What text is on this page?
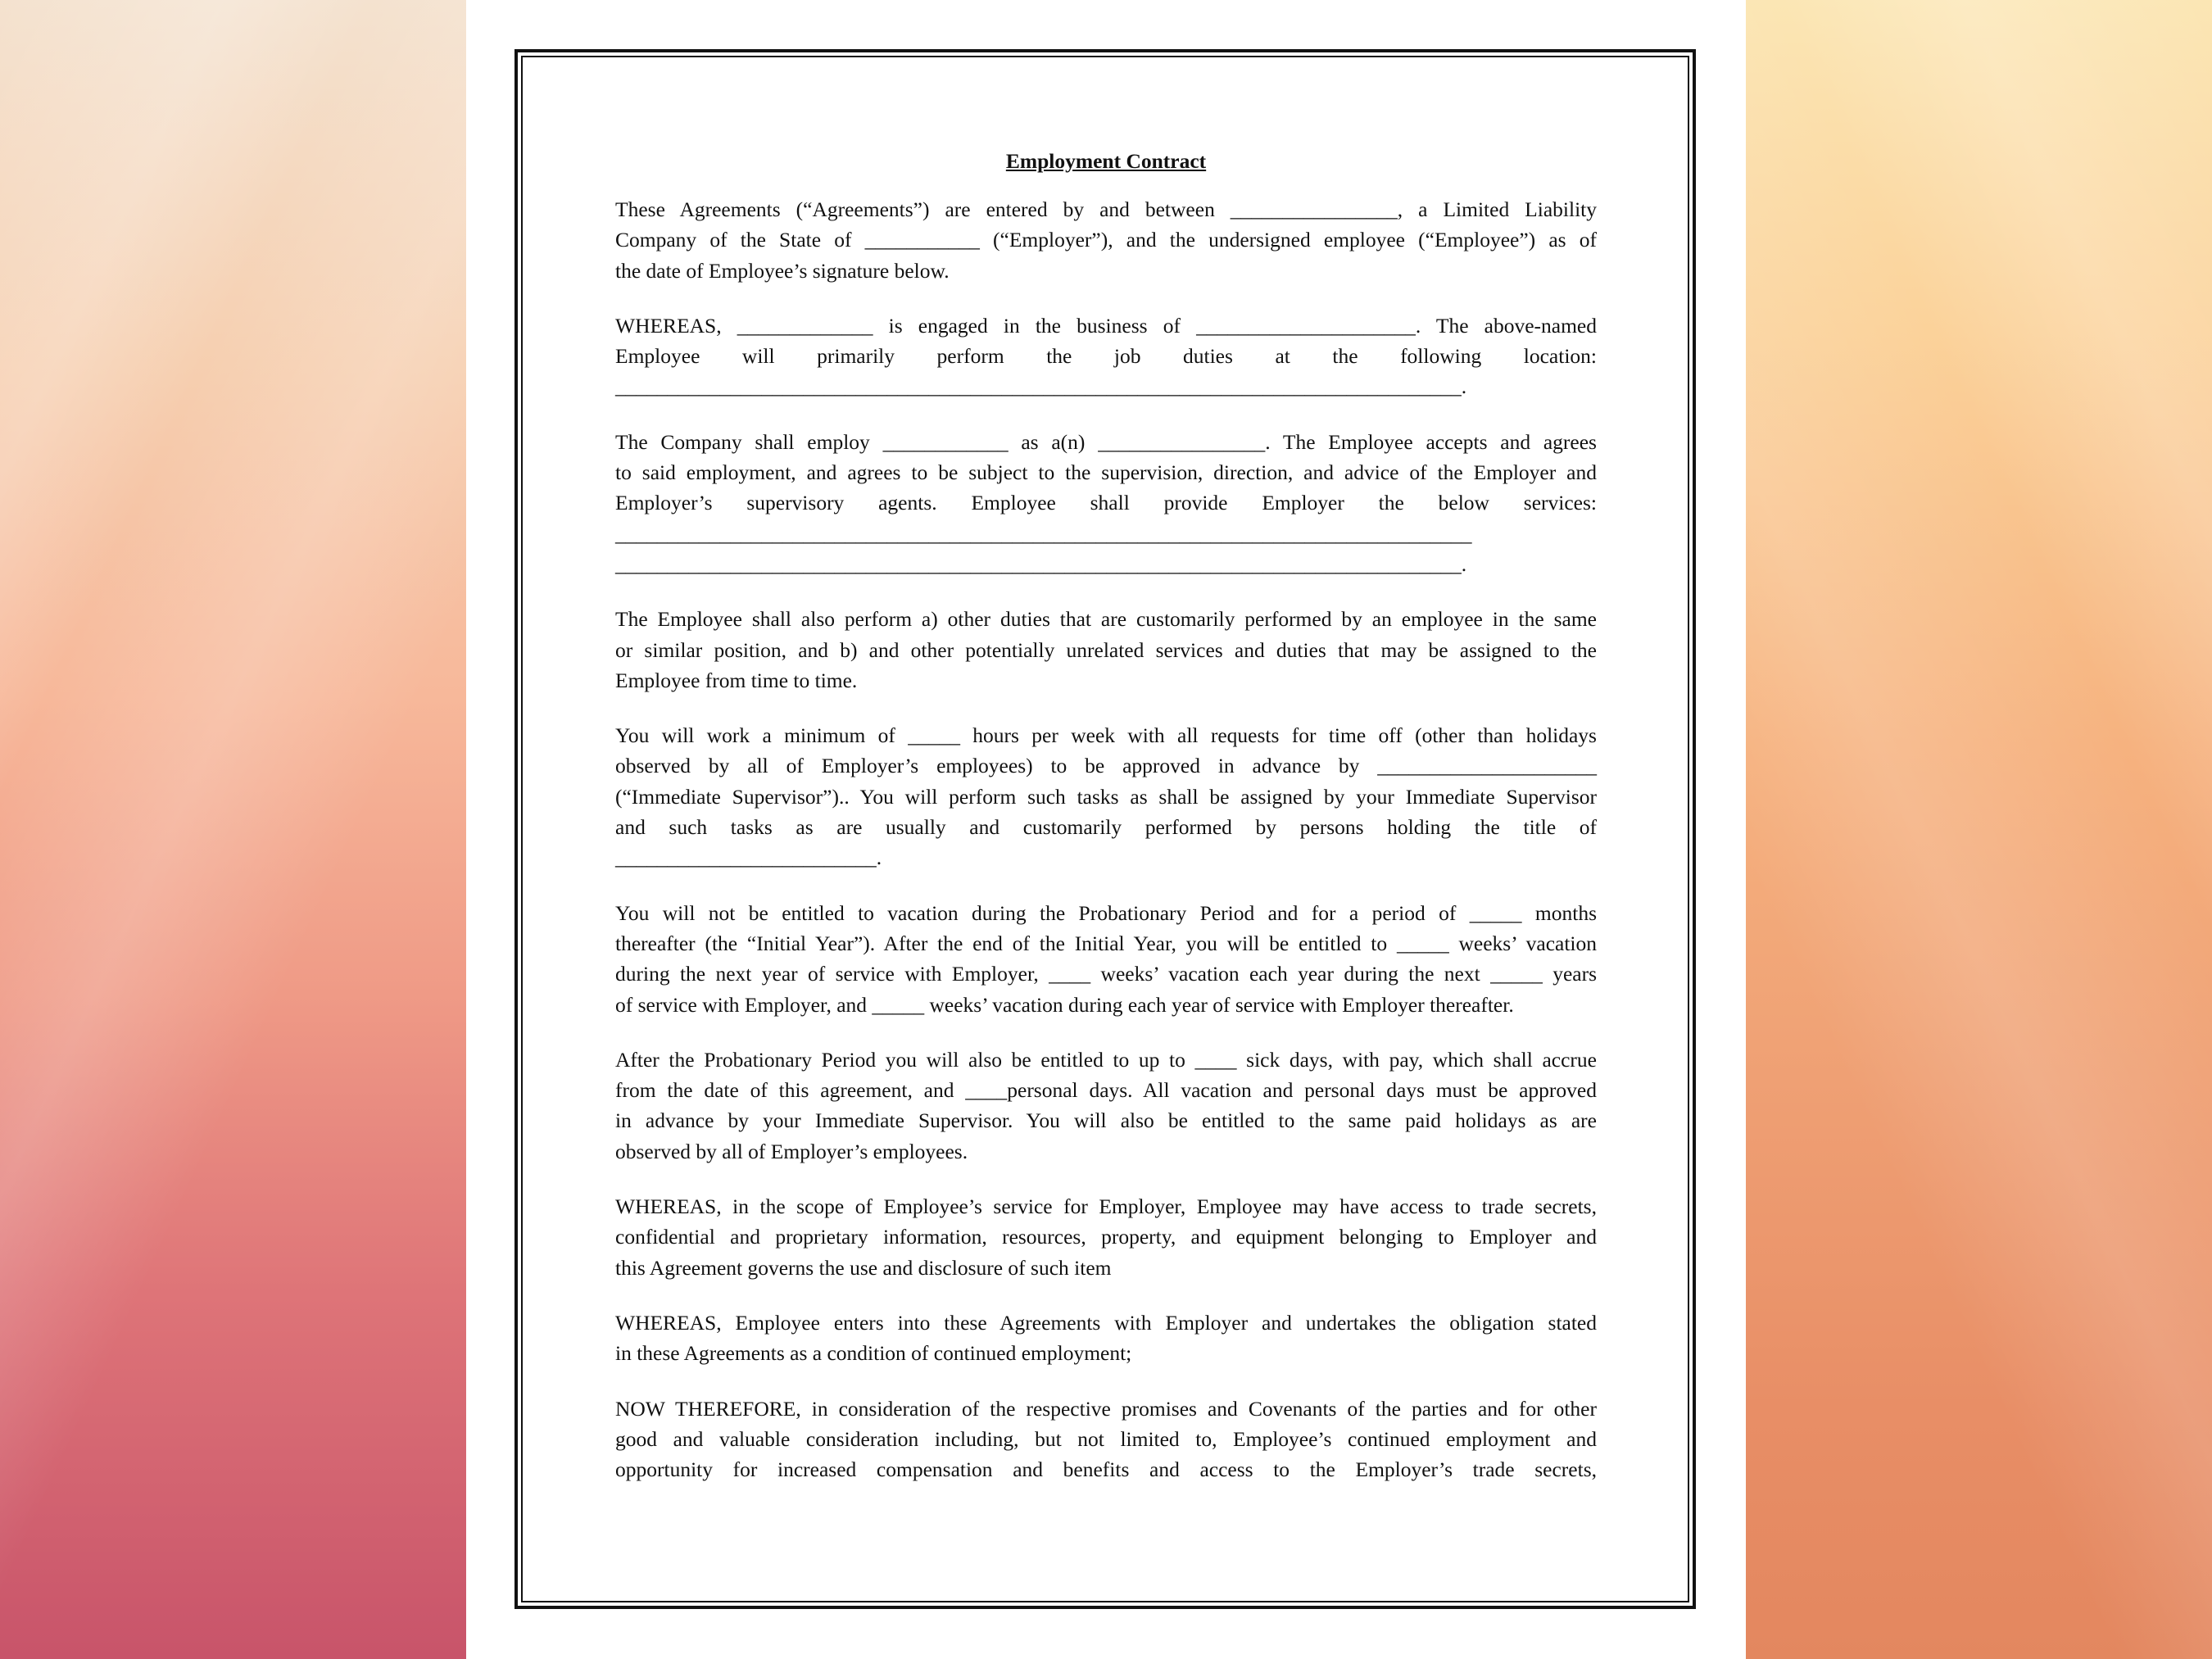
Employment Contract
These Agreements (“Agreements”) are entered by and between ________________, a Limited Liability
Company of the State of ___________ (“Employer”), and the undersigned employee (“Employee”) as of
the date of Employee’s signature below.
WHEREAS, _____________ is engaged in the business of _____________________. The above-named
Employee will primarily perform the job duties at the following location:
_________________________________________________________________________________.
The Company shall employ ____________ as a(n) ________________. The Employee accepts and agrees
to said employment, and agrees to be subject to the supervision, direction, and advice of the Employer and
Employer’s supervisory agents. Employee shall provide Employer the below services:
__________________________________________________________________________________
_________________________________________________________________________________.
The Employee shall also perform a) other duties that are customarily performed by an employee in the same
or similar position, and b) and other potentially unrelated services and duties that may be assigned to the
Employee from time to time.
You will work a minimum of _____ hours per week with all requests for time off (other than holidays
observed by all of Employer’s employees) to be approved in advance by _____________________
(“Immediate Supervisor”).. You will perform such tasks as shall be assigned by your Immediate Supervisor
and such tasks as are usually and customarily performed by persons holding the title of
_________________________.
You will not be entitled to vacation during the Probationary Period and for a period of _____ months
thereafter (the “Initial Year”). After the end of the Initial Year, you will be entitled to _____ weeks’ vacation
during the next year of service with Employer, ____ weeks’ vacation each year during the next _____ years
of service with Employer, and _____ weeks’ vacation during each year of service with Employer thereafter.
After the Probationary Period you will also be entitled to up to ____ sick days, with pay, which shall accrue
from the date of this agreement, and ____personal days. All vacation and personal days must be approved
in advance by your Immediate Supervisor. You will also be entitled to the same paid holidays as are
observed by all of Employer’s employees.
WHEREAS, in the scope of Employee’s service for Employer, Employee may have access to trade secrets,
confidential and proprietary information, resources, property, and equipment belonging to Employer and
this Agreement governs the use and disclosure of such item
WHEREAS, Employee enters into these Agreements with Employer and undertakes the obligation stated
in these Agreements as a condition of continued employment;
NOW THEREFORE, in consideration of the respective promises and Covenants of the parties and for other
good and valuable consideration including, but not limited to, Employee’s continued employment and
opportunity for increased compensation and benefits and access to the Employer’s trade secrets,
